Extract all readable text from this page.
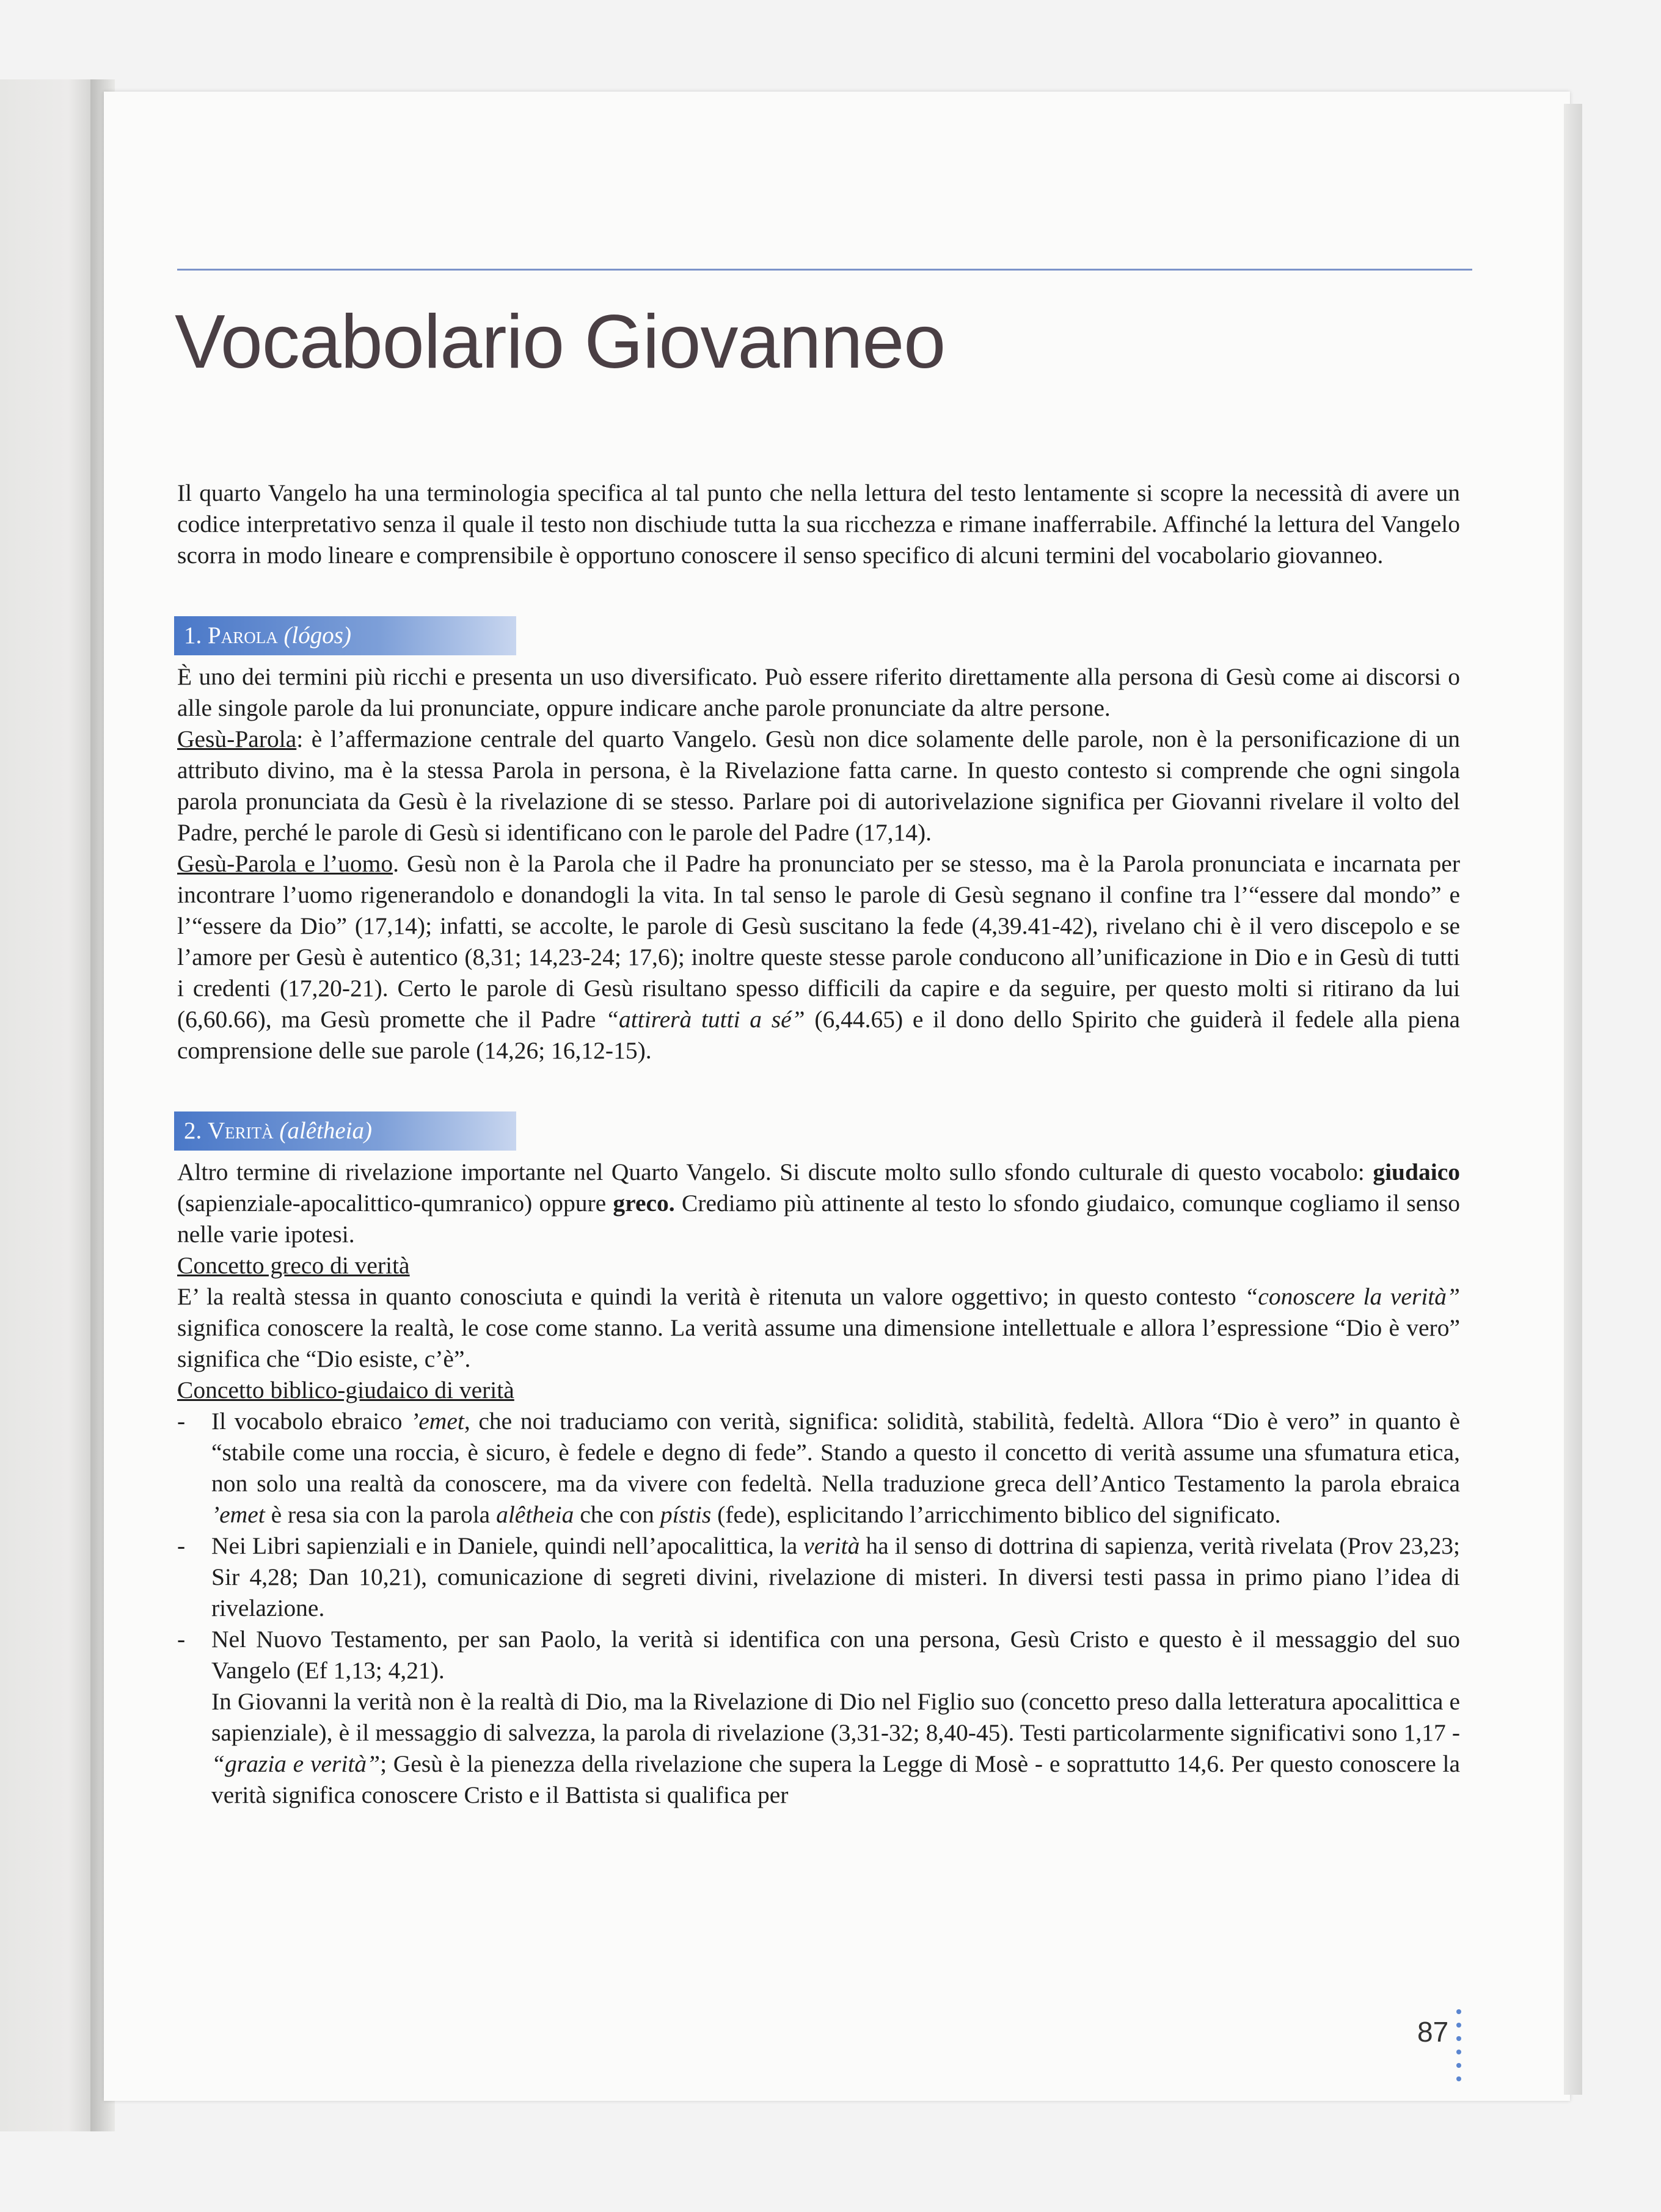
Vocabolario Giovanneo

Il quarto Vangelo ha una terminologia specifica al tal punto che nella lettura del testo lentamente si scopre la necessità di avere un codice interpretativo senza il quale il testo non dischiude tutta la sua ricchezza e rimane inafferrabile. Affinché la lettura del Vangelo scorra in modo lineare e comprensibile è opportuno conoscere il senso specifico di alcuni termini del vocabolario giovanneo.

1. Parola (lógos)

È uno dei termini più ricchi e presenta un uso diversificato. Può essere riferito direttamente alla persona di Gesù come ai discorsi o alle singole parole da lui pronunciate, oppure indicare anche parole pronunciate da altre persone.

Gesù-Parola: è l’affermazione centrale del quarto Vangelo. Gesù non dice solamente delle parole, non è la personificazione di un attributo divino, ma è la stessa Parola in persona, è la Rivelazione fatta carne. In questo contesto si comprende che ogni singola parola pronunciata da Gesù è la rivelazione di se stesso. Parlare poi di autorivelazione significa per Giovanni rivelare il volto del Padre, perché le parole di Gesù si identificano con le parole del Padre (17,14).

Gesù-Parola e l’uomo. Gesù non è la Parola che il Padre ha pronunciato per se stesso, ma è la Parola pronunciata e incarnata per incontrare l’uomo rigenerandolo e donandogli la vita. In tal senso le parole di Gesù segnano il confine tra l’“essere dal mondo” e l’“essere da Dio” (17,14); infatti, se accolte, le parole di Gesù suscitano la fede (4,39.41-42), rivelano chi è il vero discepolo e se l’amore per Gesù è autentico (8,31; 14,23-24; 17,6); inoltre queste stesse parole conducono all’unificazione in Dio e in Gesù di tutti i credenti (17,20-21). Certo le parole di Gesù risultano spesso difficili da capire e da seguire, per questo molti si ritirano da lui (6,60.66), ma Gesù promette che il Padre “attirerà tutti a sé” (6,44.65) e il dono dello Spirito che guiderà il fedele alla piena comprensione delle sue parole (14,26; 16,12-15).

2. Verità (alêtheia)

Altro termine di rivelazione importante nel Quarto Vangelo. Si discute molto sullo sfondo culturale di questo vocabolo: giudaico (sapienziale-apocalittico-qumranico) oppure greco. Crediamo più attinente al testo lo sfondo giudaico, comunque cogliamo il senso nelle varie ipotesi.

Concetto greco di verità

E’ la realtà stessa in quanto conosciuta e quindi la verità è ritenuta un valore oggettivo; in questo contesto “conoscere la verità” significa conoscere la realtà, le cose come stanno. La verità assume una dimensione intellettuale e allora l’espressione “Dio è vero” significa che “Dio esiste, c’è”.

Concetto biblico-giudaico di verità

- Il vocabolo ebraico ’emet, che noi traduciamo con verità, significa: solidità, stabilità, fedeltà. Allora “Dio è vero” in quanto è “stabile come una roccia, è sicuro, è fedele e degno di fede”. Stando a questo il concetto di verità assume una sfumatura etica, non solo una realtà da conoscere, ma da vivere con fedeltà. Nella traduzione greca dell’Antico Testamento la parola ebraica ’emet è resa sia con la parola alêtheia che con pístis (fede), esplicitando l’arricchimento biblico del significato.
- Nei Libri sapienziali e in Daniele, quindi nell’apocalittica, la verità ha il senso di dottrina di sapienza, verità rivelata (Prov 23,23; Sir 4,28; Dan 10,21), comunicazione di segreti divini, rivelazione di misteri. In diversi testi passa in primo piano l’idea di rivelazione.
- Nel Nuovo Testamento, per san Paolo, la verità si identifica con una persona, Gesù Cristo e questo è il messaggio del suo Vangelo (Ef 1,13; 4,21).

In Giovanni la verità non è la realtà di Dio, ma la Rivelazione di Dio nel Figlio suo (concetto preso dalla letteratura apocalittica e sapienziale), è il messaggio di salvezza, la parola di rivelazione (3,31-32; 8,40-45). Testi particolarmente significativi sono 1,17 - “grazia e verità”; Gesù è la pienezza della rivelazione che supera la Legge di Mosè - e soprattutto 14,6. Per questo conoscere la verità significa conoscere Cristo e il Battista si qualifica per

87
